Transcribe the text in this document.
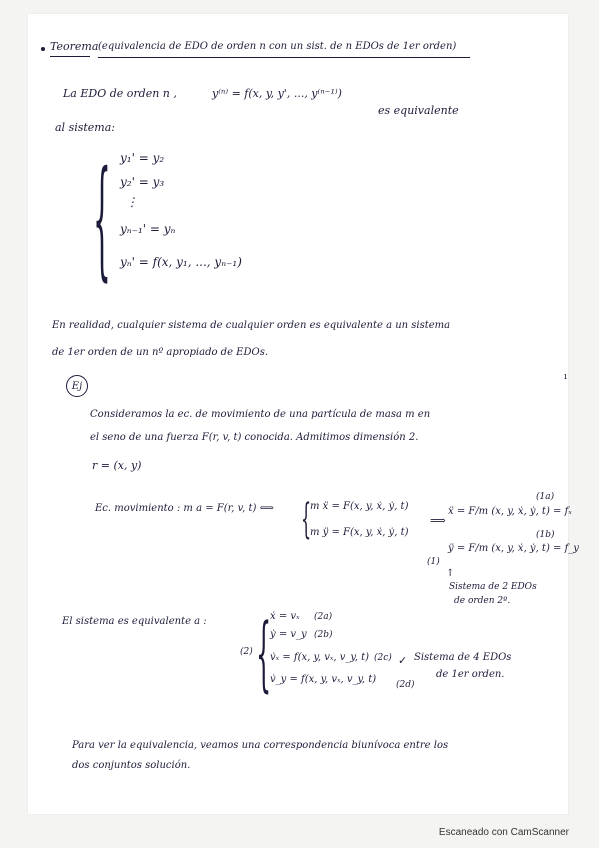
Teorema (equivalencia de EDO de orden n con un sist. de n EDOs de 1er orden)
La EDO de orden n ,	y⁽ⁿ⁾ = f(x, y, y', ..., y⁽ⁿ⁻¹⁾)
es equivalente
al sistema:
{ y₁' = y₂
y₂' = y₃
⋮
yₙ₋₁' = yₙ
yₙ' = f(x, y₁, ..., yₙ₋₁)
En realidad, cualquier sistema de cualquier orden es equivalente a un sistema
de 1er orden de un nº apropiado de EDOs.
Ej
ı
Consideramos la ec. de movimiento de una partícula de masa m en
el seno de una fuerza F(r, v, t) conocida. Admitimos dimensión 2.
r = (x, y)
Ec. movimiento : m a = F(r, v, t) ⟺ {
m ẍ = F(x, y, ẋ, ẏ, t)
m ÿ = F(x, y, ẋ, ẏ, t)
⟹
(1a)
ẍ = F/m (x, y, ẋ, ẏ, t) = fₓ
(1b)
(1)
ÿ = F/m (x, y, ẋ, ẏ, t) = f_y
↑
Sistema de 2 EDOs
de orden 2º.
El sistema es equivalente a :
(2) {
ẋ = vₓ (2a)
ẏ = v_y (2b)
v̇ₓ = f(x, y, vₓ, v_y, t) (2c)
v̇_y = f(x, y, vₓ, v_y, t) (2d)
✓ Sistema de 4 EDOs
de 1er orden.
Para ver la equivalencia, veamos una correspondencia biunívoca entre los
dos conjuntos solución.
Escaneado con CamScanner
